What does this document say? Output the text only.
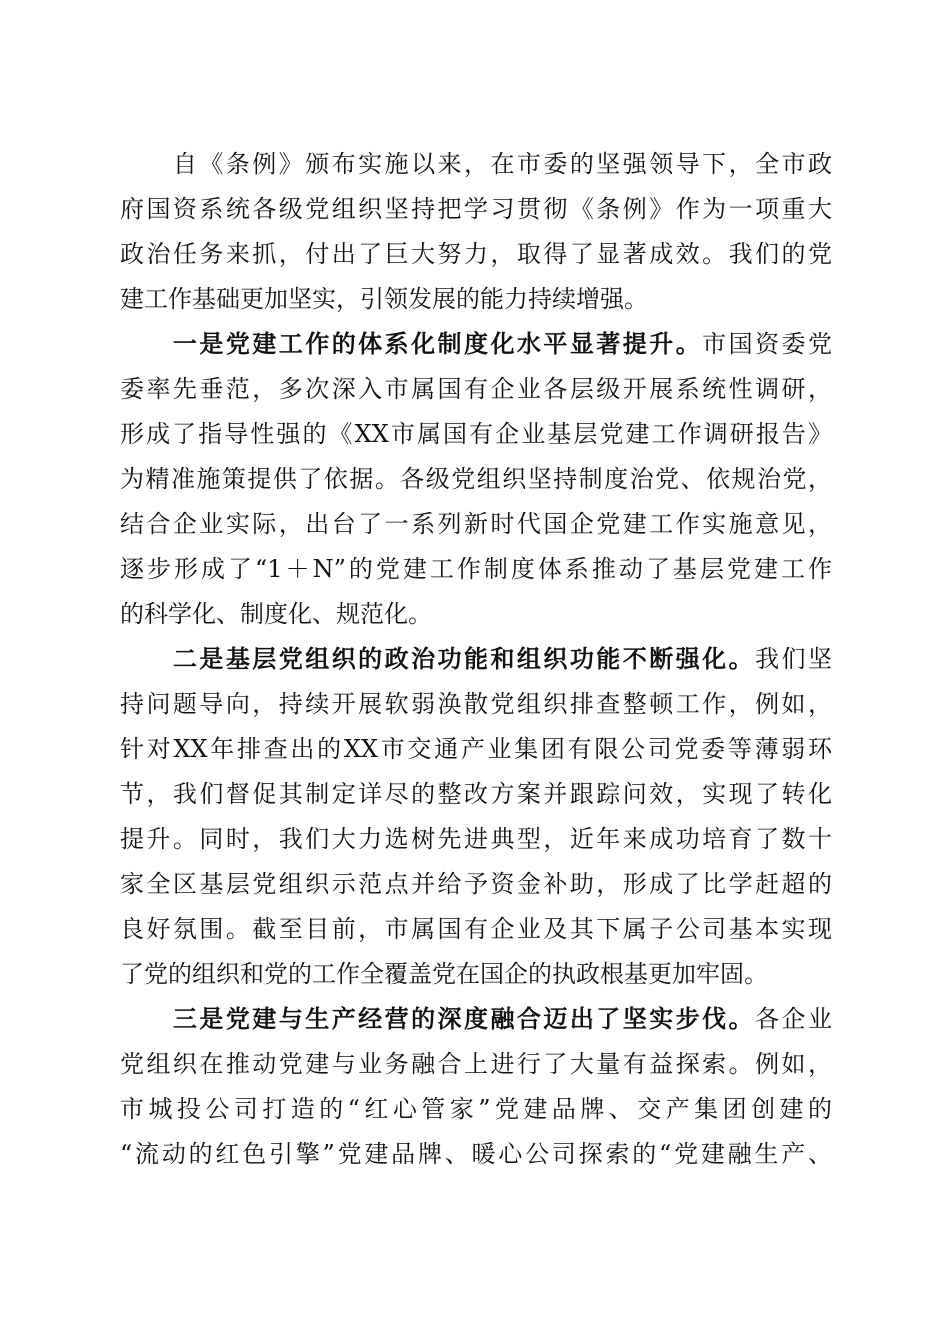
　　自《条例》颁布实施以来，在市委的坚强领导下，全市政
府国资系统各级党组织坚持把学习贯彻《条例》作为一项重大
政治任务来抓，付出了巨大努力，取得了显著成效。我们的党
建工作基础更加坚实，引领发展的能力持续增强。
　　一是党建工作的体系化制度化水平显著提升。市国资委党
委率先垂范，多次深入市属国有企业各层级开展系统性调研，
形成了指导性强的《XX市属国有企业基层党建工作调研报告》
为精准施策提供了依据。各级党组织坚持制度治党、依规治党，
结合企业实际，出台了一系列新时代国企党建工作实施意见，
逐步形成了“1＋N”的党建工作制度体系推动了基层党建工作
的科学化、制度化、规范化。
　　二是基层党组织的政治功能和组织功能不断强化。我们坚
持问题导向，持续开展软弱涣散党组织排查整顿工作，例如，
针对XX年排查出的XX市交通产业集团有限公司党委等薄弱环
节，我们督促其制定详尽的整改方案并跟踪问效，实现了转化
提升。同时，我们大力选树先进典型，近年来成功培育了数十
家全区基层党组织示范点并给予资金补助，形成了比学赶超的
良好氛围。截至目前，市属国有企业及其下属子公司基本实现
了党的组织和党的工作全覆盖党在国企的执政根基更加牢固。
　　三是党建与生产经营的深度融合迈出了坚实步伐。各企业
党组织在推动党建与业务融合上进行了大量有益探索。例如，
市城投公司打造的“红心管家”党建品牌、交产集团创建的
“流动的红色引擎”党建品牌、暖心公司探索的“党建融生产、
